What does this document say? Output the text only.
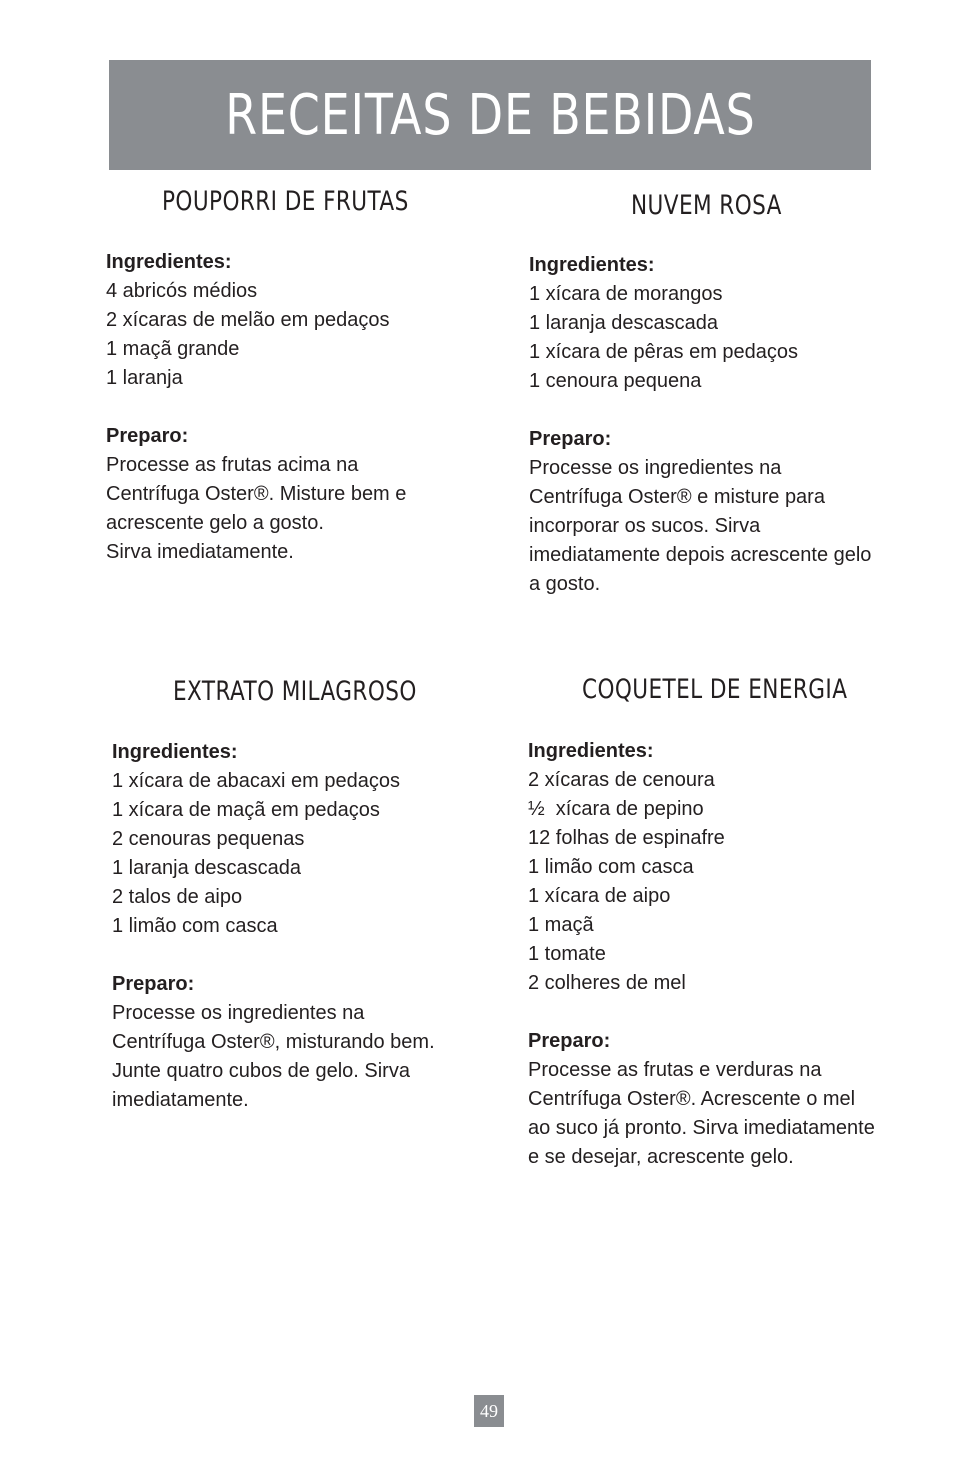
RECEITAS DE BEBIDAS
POUPORRI DE FRUTAS
Ingredientes:
4 abricós médios
2 xícaras de melão em pedaços
1 maçã grande
1 laranja
Preparo:
Processe as frutas acima na
Centrífuga Oster®. Misture bem e
acrescente gelo a gosto.
Sirva imediatamente.
NUVEM ROSA
Ingredientes:
1 xícara de morangos
1 laranja descascada
1 xícara de pêras em pedaços
1 cenoura pequena
Preparo:
Processe os ingredientes na
Centrífuga Oster® e misture para
incorporar os sucos. Sirva
imediatamente depois acrescente gelo
a gosto.
EXTRATO MILAGROSO
Ingredientes:
1 xícara de abacaxi em pedaços
1 xícara de maçã em pedaços
2 cenouras pequenas
1 laranja descascada
2 talos de aipo
1 limão com casca
Preparo:
Processe os ingredientes na
Centrífuga Oster®, misturando bem.
Junte quatro cubos de gelo. Sirva
imediatamente.
COQUETEL DE ENERGIA
Ingredientes:
2 xícaras de cenoura
½  xícara de pepino
12 folhas de espinafre
1 limão com casca
1 xícara de aipo
1 maçã
1 tomate
2 colheres de mel
Preparo:
Processe as frutas e verduras na
Centrífuga Oster®. Acrescente o mel
ao suco já pronto. Sirva imediatamente
e se desejar, acrescente gelo.
49
